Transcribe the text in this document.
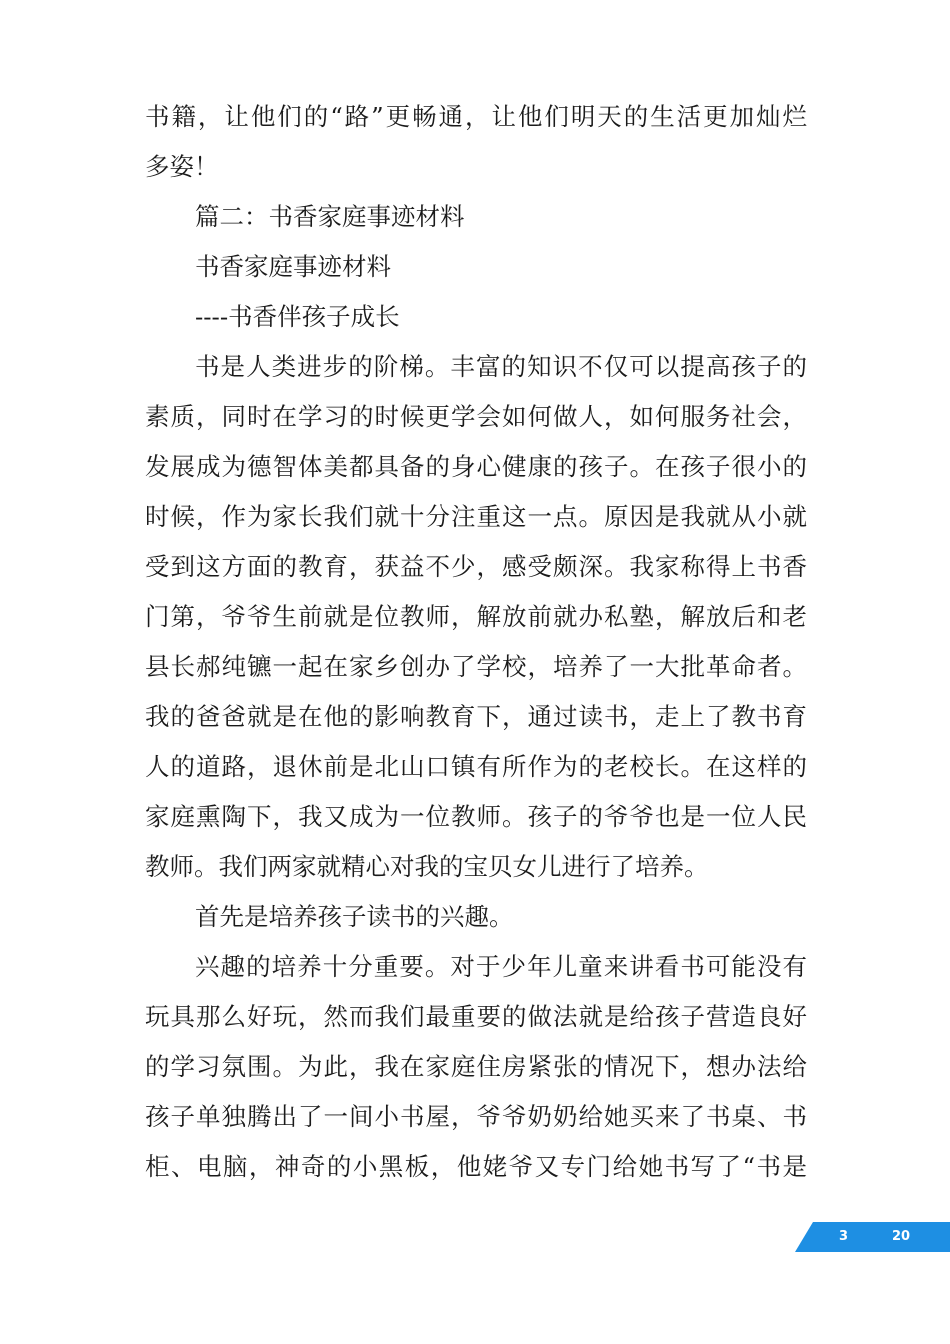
书籍，让他们的“路”更畅通，让他们明天的生活更加灿烂
多姿！
篇二：书香家庭事迹材料
书香家庭事迹材料
----书香伴孩子成长
书是人类进步的阶梯。丰富的知识不仅可以提高孩子的
素质，同时在学习的时候更学会如何做人，如何服务社会，
发展成为德智体美都具备的身心健康的孩子。在孩子很小的
时候，作为家长我们就十分注重这一点。原因是我就从小就
受到这方面的教育，获益不少，感受颇深。我家称得上书香
门第，爷爷生前就是位教师，解放前就办私塾，解放后和老
县长郝纯镳一起在家乡创办了学校，培养了一大批革命者。
我的爸爸就是在他的影响教育下，通过读书，走上了教书育
人的道路，退休前是北山口镇有所作为的老校长。在这样的
家庭熏陶下，我又成为一位教师。孩子的爷爷也是一位人民
教师。我们两家就精心对我的宝贝女儿进行了培养。
首先是培养孩子读书的兴趣。
兴趣的培养十分重要。对于少年儿童来讲看书可能没有
玩具那么好玩，然而我们最重要的做法就是给孩子营造良好
的学习氛围。为此，我在家庭住房紧张的情况下，想办法给
孩子单独腾出了一间小书屋，爷爷奶奶给她买来了书桌、书
柜、电脑，神奇的小黑板，他姥爷又专门给她书写了“书是
3	20
